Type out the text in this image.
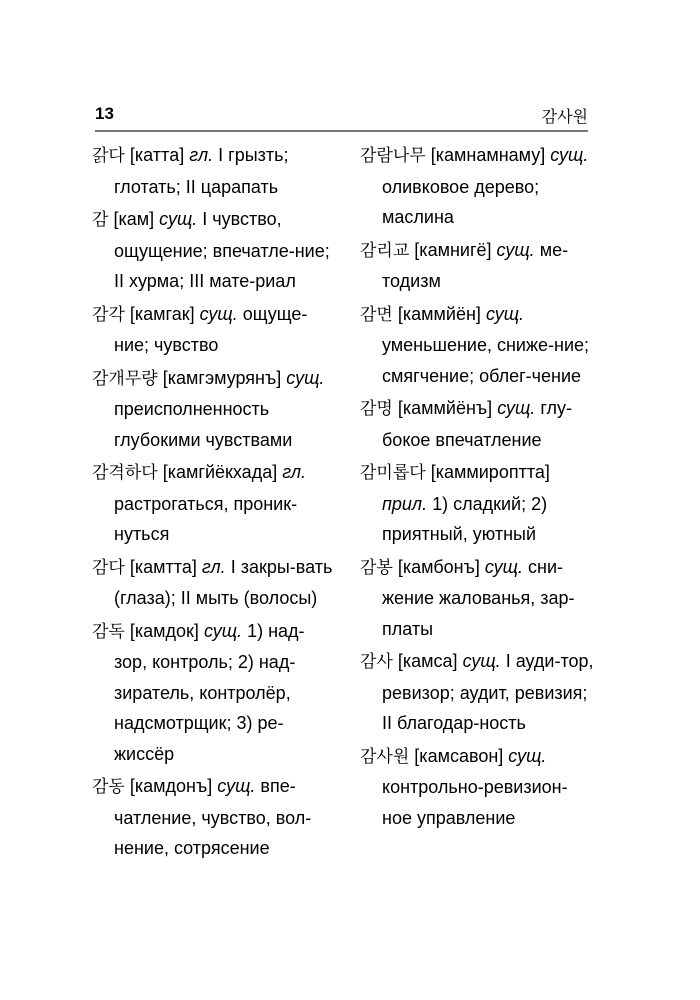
13	감사원
갉다 [каттa] гл. I грызть; глотать; II царапать
감 [кам] сущ. I чувство, ощущение; впечатле-ние; II хурма; III мате-риал
감각 [камгак] сущ. ощуще-ние; чувство
감개무량 [камгэмурянъ] сущ. преисполненность глубокими чувствами
감격하다 [камгйёкхада] гл. растрогаться, проник-нуться
감다 [камтта] гл. I закры-вать (глаза); II мыть (волосы)
감독 [камдок] сущ. 1) над-зор, контроль; 2) над-зиратель, контролёр, надсмотрщик; 3) ре-жиссёр
감동 [камдонъ] сущ. впе-чатление, чувство, вол-нение, сотрясение
감람나무 [камнамнаму] сущ. оливковое дерево; маслина
감리교 [камнигё] сущ. ме-тодизм
감면 [каммйён] сущ. уменьшение, сниже-ние; смягчение; облег-чение
감명 [каммйёнъ] сущ. глу-бокое впечатление
감미롭다 [каммироптта] прил. 1) сладкий; 2) приятный, уютный
감봉 [камбонъ] сущ. сни-жение жалованья, зар-платы
감사 [камса] сущ. I ауди-тор, ревизор; аудит, ревизия; II благодар-ность
감사원 [камсавон] сущ. контрольно-ревизион-ное управление
